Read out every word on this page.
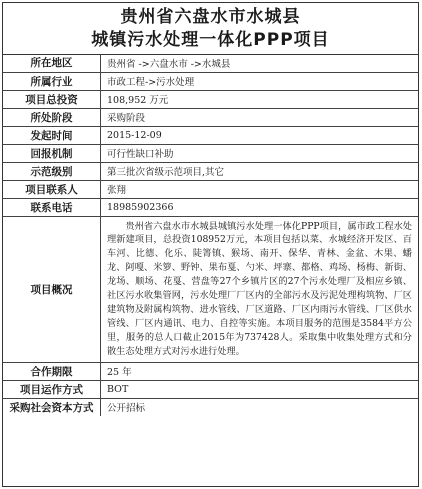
贵州省六盘水市水城县
城镇污水处理一体化PPP项目
所在地区	贵州省 ->六盘水市 ->水城县
所属行业	市政工程->污水处理
项目总投资	108,952 万元
所处阶段	采购阶段
发起时间	2015-12-09
回报机制	可行性缺口补助
示范级别	第三批次省级示范项目,其它
项目联系人	张翔
联系电话	18985902366
项目概况	贵州省六盘水市水城县城镇污水处理一体化PPP项目，属市政工程水处理新建项目，总投资108952万元，本项目包括以菜、水城经济开发区、百车河、比德、化乐、陡箐镇、猴场、南开、保华、青林、金盆、木果、蟠龙、阿嘎、米箩、野钟、果布戛、勺米、坪寨、都格、鸡场、杨梅、新街、龙场、顺场、花戛、营盘等27个乡镇片区的27个污水处理厂及相应乡镇、社区污水收集管网，污水处理厂厂区内的全部污水及污泥处理构筑物、厂区建筑物及附属构筑物、进水管线、厂区道路、厂区内雨污水管线、厂区供水管线、厂区内通讯、电力、自控等实施。本项目服务的范围是3584平方公里，服务的总人口截止2015年为737428人。采取集中收集处理方式和分散生态处理方式对污水进行处理。
合作期限	25 年
项目运作方式	BOT
采购社会资本方式	公开招标
